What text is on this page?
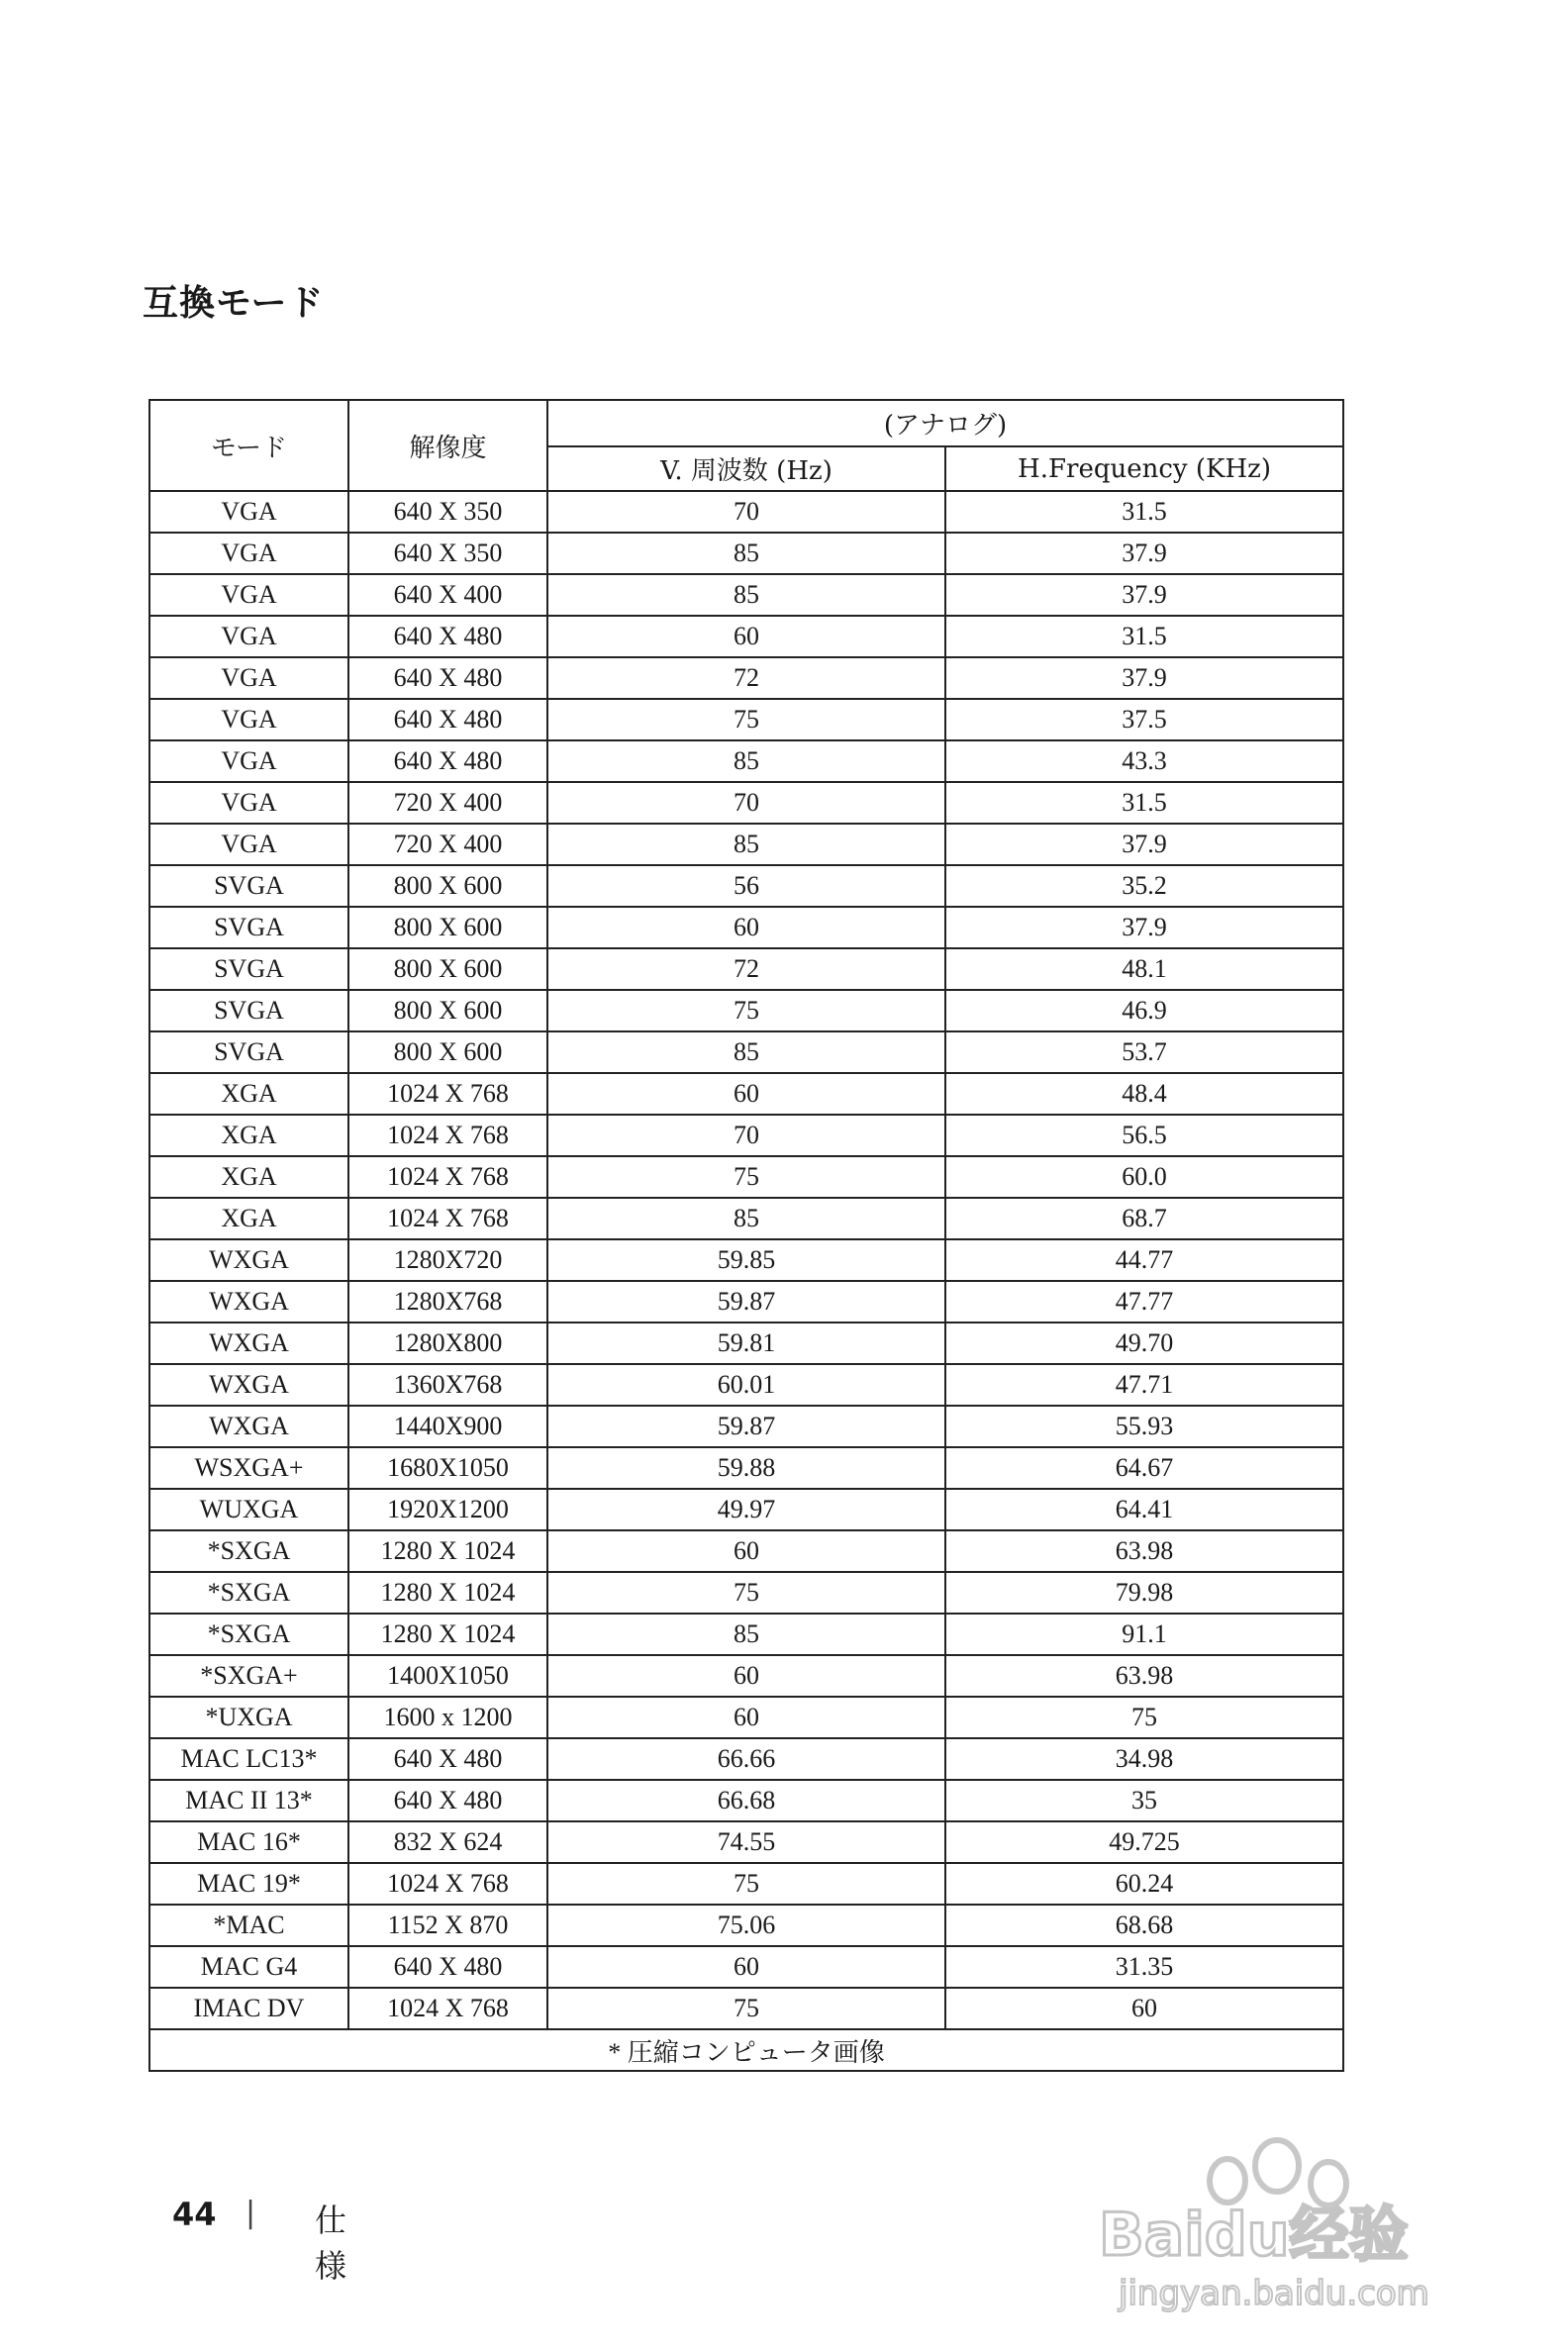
互換モード
モード	解像度	(アナログ)	
		V. 周波数 (Hz)	H.Frequency (KHz)
VGA	640 X 350	70	31.5
VGA	640 X 350	85	37.9
VGA	640 X 400	85	37.9
VGA	640 X 480	60	31.5
VGA	640 X 480	72	37.9
VGA	640 X 480	75	37.5
VGA	640 X 480	85	43.3
VGA	720 X 400	70	31.5
VGA	720 X 400	85	37.9
SVGA	800 X 600	56	35.2
SVGA	800 X 600	60	37.9
SVGA	800 X 600	72	48.1
SVGA	800 X 600	75	46.9
SVGA	800 X 600	85	53.7
XGA	1024 X 768	60	48.4
XGA	1024 X 768	70	56.5
XGA	1024 X 768	75	60.0
XGA	1024 X 768	85	68.7
WXGA	1280X720	59.85	44.77
WXGA	1280X768	59.87	47.77
WXGA	1280X800	59.81	49.70
WXGA	1360X768	60.01	47.71
WXGA	1440X900	59.87	55.93
WSXGA+	1680X1050	59.88	64.67
WUXGA	1920X1200	49.97	64.41
*SXGA	1280 X 1024	60	63.98
*SXGA	1280 X 1024	75	79.98
*SXGA	1280 X 1024	85	91.1
*SXGA+	1400X1050	60	63.98
*UXGA	1600 x 1200	60	75
MAC LC13*	640 X 480	66.66	34.98
MAC II 13*	640 X 480	66.68	35
MAC 16*	832 X 624	74.55	49.725
MAC 19*	1024 X 768	75	60.24
*MAC	1152 X 870	75.06	68.68
MAC G4	640 X 480	60	31.35
IMAC DV	1024 X 768	75	60
* 圧縮コンピュータ画像			
44 | 仕様	Baidu经验
jingyan.baidu.com
